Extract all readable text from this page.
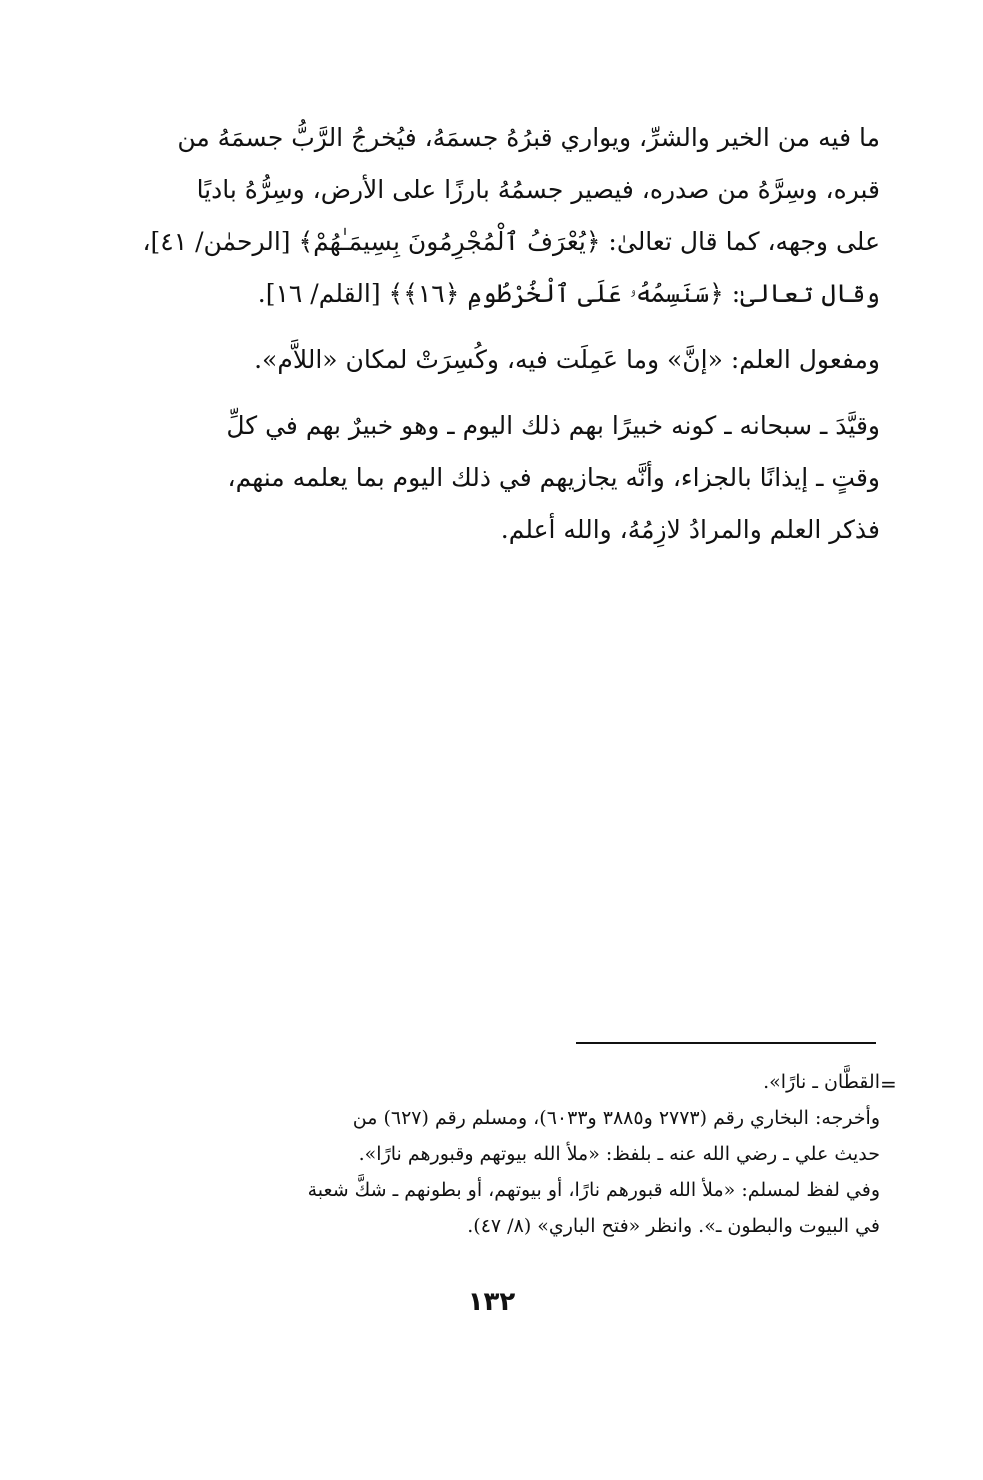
ما فيه من الخير والشرِّ، ويواري قبرُهُ جسمَهُ، فيُخرجُ الرَّبُّ جسمَهُ من
قبره، وسِرَّهُ من صدره، فيصير جسمُهُ بارزًا على الأرض، وسِرُّهُ باديًا
على وجهه، كما قال تعالىٰ: ﴿يُعْرَفُ ٱلْمُجْرِمُونَ بِسِيمَـٰهُمْ﴾ [الرحمٰن/ ٤١]،
وقال تعالىٰ: ﴿سَنَسِمُهُۥ عَلَى ٱلْخُرْطُومِ ﴿١٦﴾﴾ [القلم/ ١٦].
ومفعول العلم: «إنَّ» وما عَمِلَت فيه، وكُسِرَتْ لمكان «اللاَّم».
وقيَّدَ ـ سبحانه ـ كونه خبيرًا بهم ذلك اليوم ـ وهو خبيرٌ بهم في كلِّ
وقتٍ ـ إيذانًا بالجزاء، وأنَّه يجازيهم في ذلك اليوم بما يعلمه منهم،
فذكر العلم والمرادُ لازِمُهُ، والله أعلم.
=
القطَّان ـ نارًا».
وأخرجه: البخاري رقم (٢٧٧٣ و٣٨٨٥ و٦٠٣٣)، ومسلم رقم (٦٢٧) من
حديث علي ـ رضي الله عنه ـ بلفظ: «ملأ الله بيوتهم وقبورهم نارًا».
وفي لفظ لمسلم: «ملأ الله قبورهم نارًا، أو بيوتهم، أو بطونهم ـ شكَّ شعبة
في البيوت والبطون ـ». وانظر «فتح الباري» (٨/ ٤٧).
١٣٢
